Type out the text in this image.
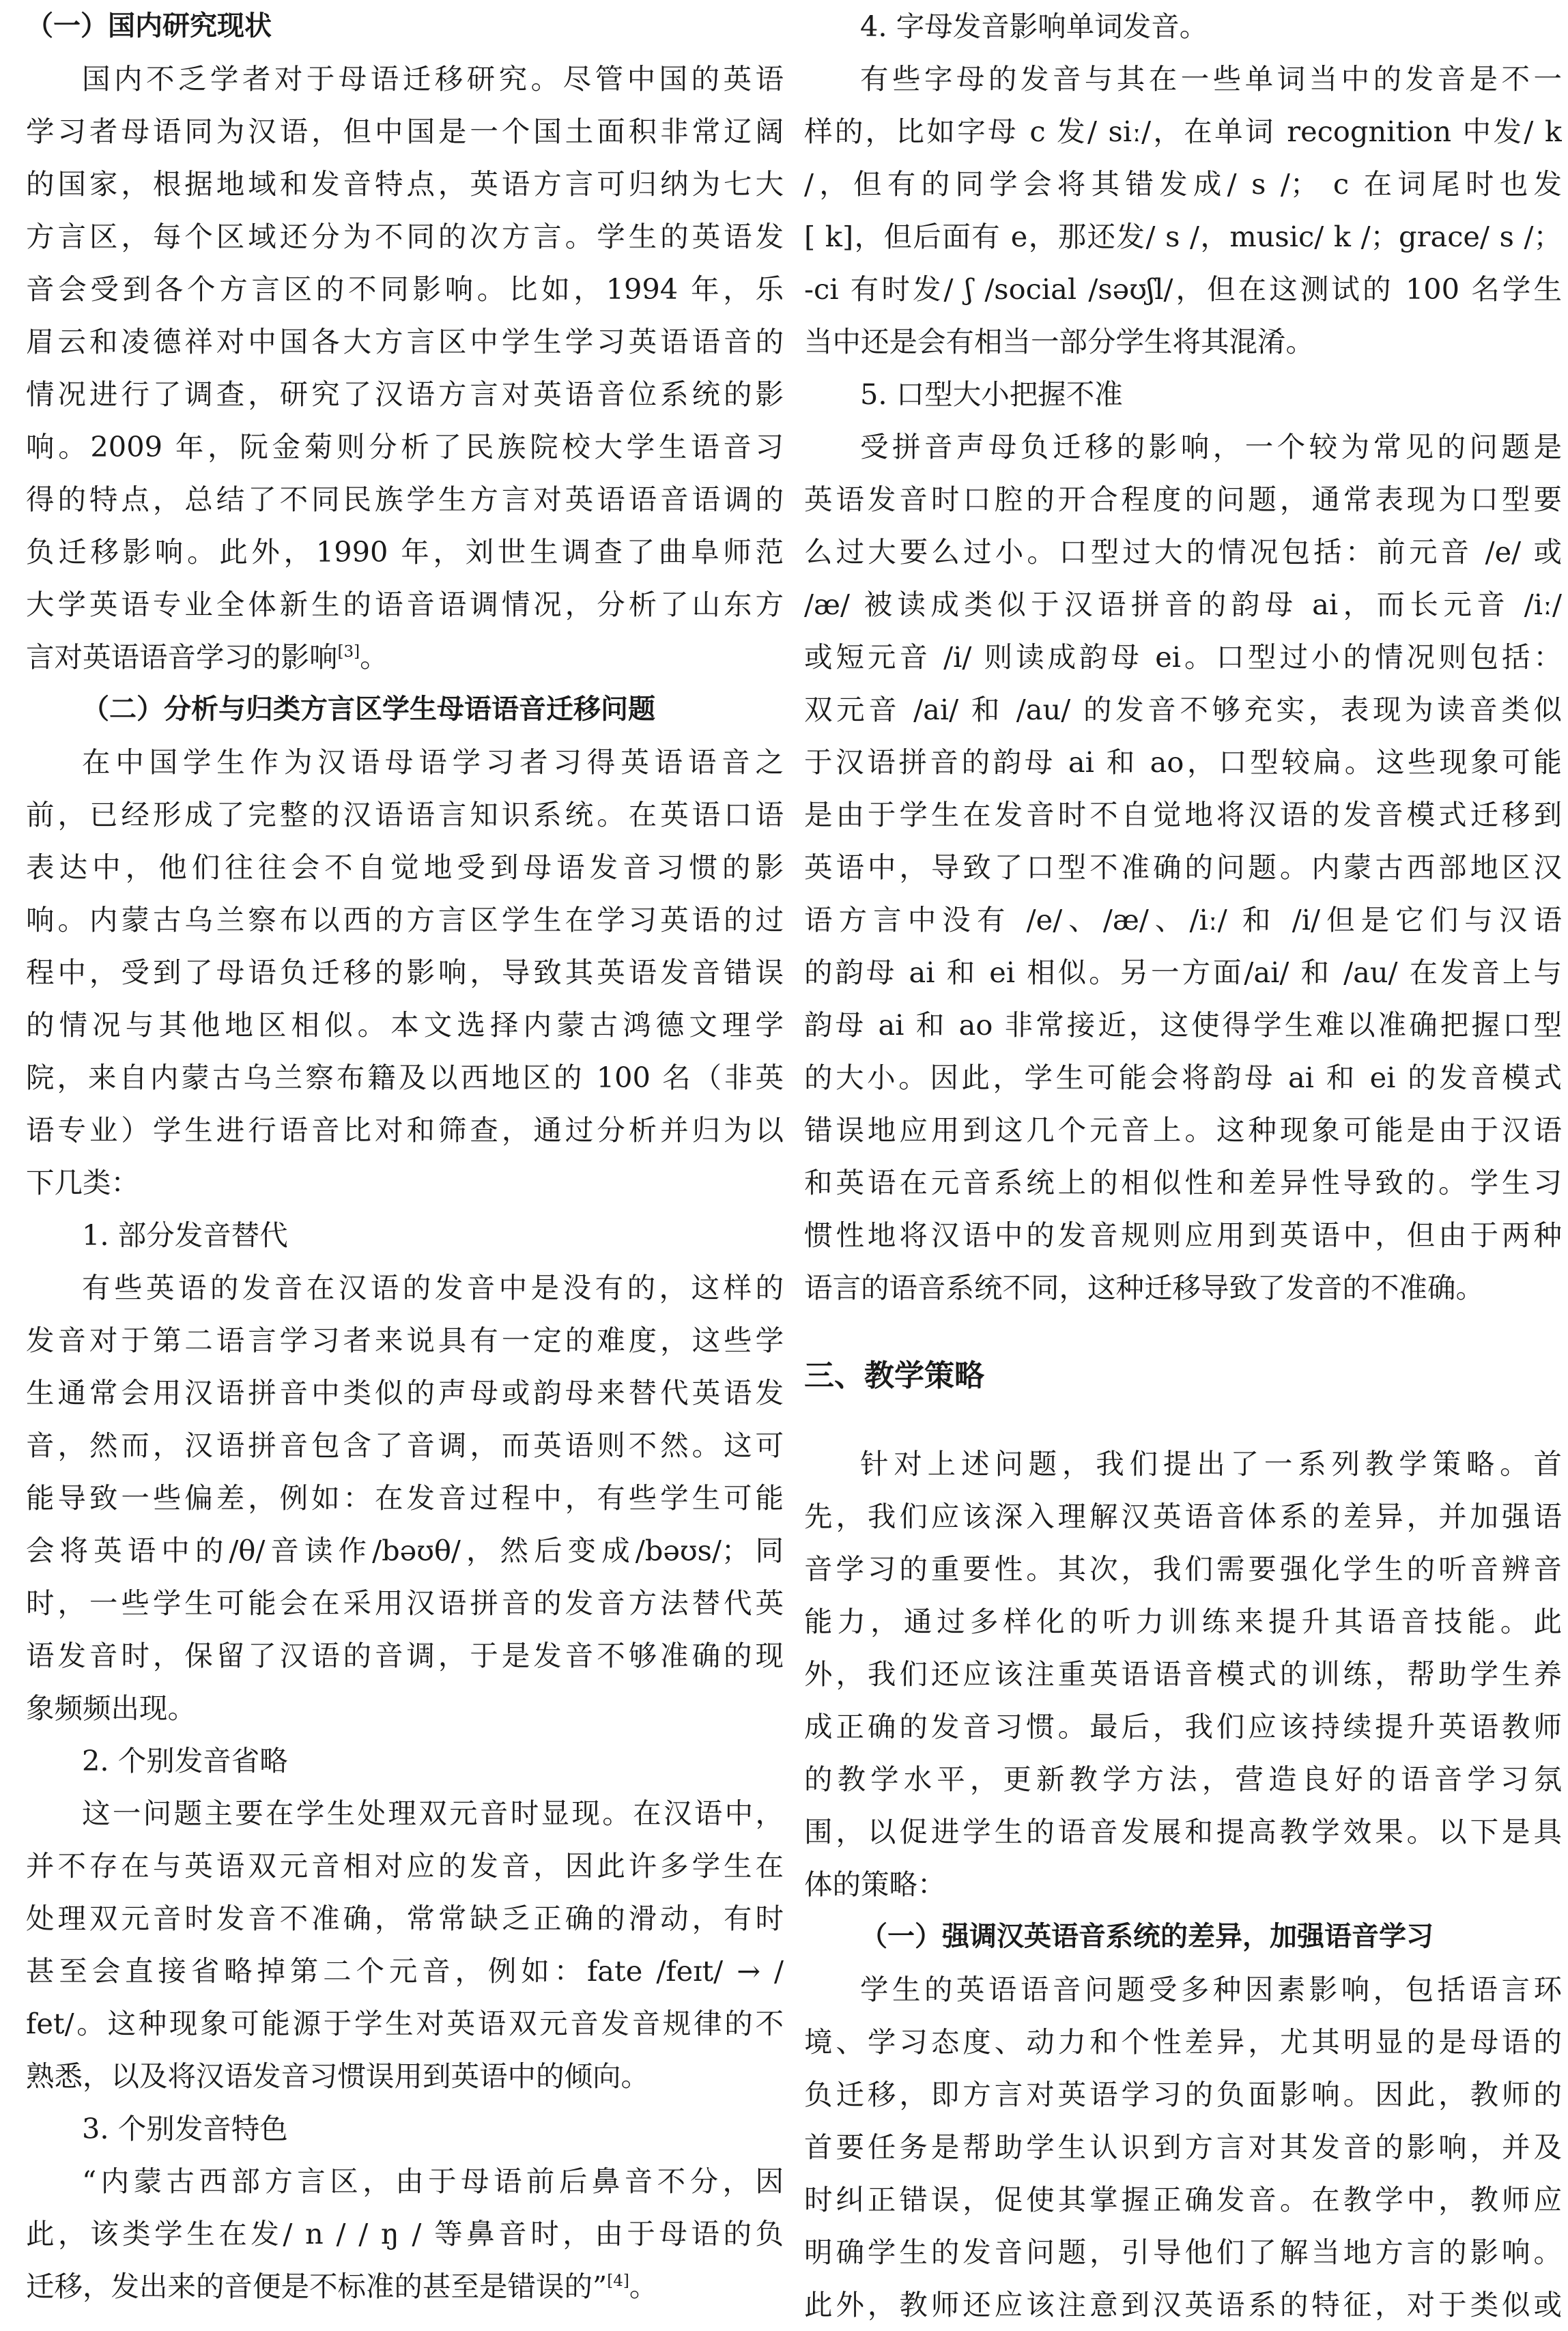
（一）国内研究现状
国内不乏学者对于母语迁移研究。尽管中国的英语
学习者母语同为汉语，但中国是一个国土面积非常辽阔
的国家，根据地域和发音特点，英语方言可归纳为七大
方言区，每个区域还分为不同的次方言。学生的英语发
音会受到各个方言区的不同影响。比如，1994 年，乐
眉云和凌德祥对中国各大方言区中学生学习英语语音的
情况进行了调查，研究了汉语方言对英语音位系统的影
响。2009 年，阮金菊则分析了民族院校大学生语音习
得的特点，总结了不同民族学生方言对英语语音语调的
负迁移影响。此外，1990 年，刘世生调查了曲阜师范
大学英语专业全体新生的语音语调情况，分析了山东方
言对英语语音学习的影响[3]。
（二）分析与归类方言区学生母语语音迁移问题
在中国学生作为汉语母语学习者习得英语语音之
前，已经形成了完整的汉语语言知识系统。在英语口语
表达中，他们往往会不自觉地受到母语发音习惯的影
响。内蒙古乌兰察布以西的方言区学生在学习英语的过
程中，受到了母语负迁移的影响，导致其英语发音错误
的情况与其他地区相似。本文选择内蒙古鸿德文理学
院，来自内蒙古乌兰察布籍及以西地区的 100 名（非英
语专业）学生进行语音比对和筛查，通过分析并归为以
下几类：
1. 部分发音替代
有些英语的发音在汉语的发音中是没有的，这样的
发音对于第二语言学习者来说具有一定的难度，这些学
生通常会用汉语拼音中类似的声母或韵母来替代英语发
音，然而，汉语拼音包含了音调，而英语则不然。这可
能导致一些偏差，例如：在发音过程中，有些学生可能
会将英语中的/θ/音读作/bəʊθ/，然后变成/bəʊs/；同
时，一些学生可能会在采用汉语拼音的发音方法替代英
语发音时，保留了汉语的音调，于是发音不够准确的现
象频频出现。
2. 个别发音省略
这一问题主要在学生处理双元音时显现。在汉语中，
并不存在与英语双元音相对应的发音，因此许多学生在
处理双元音时发音不准确，常常缺乏正确的滑动，有时
甚至会直接省略掉第二个元音，例如：fate /feɪt/ → /
fet/。这种现象可能源于学生对英语双元音发音规律的不
熟悉，以及将汉语发音习惯误用到英语中的倾向。
3. 个别发音特色
“内蒙古西部方言区，由于母语前后鼻音不分，因
此，该类学生在发/ n / / ŋ / 等鼻音时，由于母语的负
迁移，发出来的音便是不标准的甚至是错误的”[4]。
4. 字母发音影响单词发音。
有些字母的发音与其在一些单词当中的发音是不一
样的，比如字母 c 发/ siː/，在单词 recognition 中发/ k
/，但有的同学会将其错发成/ s /； c 在词尾时也发
[ k]，但后面有 e，那还发/ s /，music/ k /；grace/ s /；
-ci 有时发/ ʃ /social /səʊʃl/，但在这测试的 100 名学生
当中还是会有相当一部分学生将其混淆。
5. 口型大小把握不准
受拼音声母负迁移的影响，一个较为常见的问题是
英语发音时口腔的开合程度的问题，通常表现为口型要
么过大要么过小。口型过大的情况包括：前元音 /e/ 或
/æ/ 被读成类似于汉语拼音的韵母 ai，而长元音 /iː/
或短元音 /i/ 则读成韵母 ei。口型过小的情况则包括：
双元音 /ai/ 和 /au/ 的发音不够充实，表现为读音类似
于汉语拼音的韵母 ai 和 ao，口型较扁。这些现象可能
是由于学生在发音时不自觉地将汉语的发音模式迁移到
英语中，导致了口型不准确的问题。内蒙古西部地区汉
语方言中没有 /e/、/æ/、/iː/ 和 /i/但是它们与汉语
的韵母 ai 和 ei 相似。另一方面/ai/ 和 /au/ 在发音上与
韵母 ai 和 ao 非常接近，这使得学生难以准确把握口型
的大小。因此，学生可能会将韵母 ai 和 ei 的发音模式
错误地应用到这几个元音上。这种现象可能是由于汉语
和英语在元音系统上的相似性和差异性导致的。学生习
惯性地将汉语中的发音规则应用到英语中，但由于两种
语言的语音系统不同，这种迁移导致了发音的不准确。
三、教学策略
针对上述问题，我们提出了一系列教学策略。首
先，我们应该深入理解汉英语音体系的差异，并加强语
音学习的重要性。其次，我们需要强化学生的听音辨音
能力，通过多样化的听力训练来提升其语音技能。此
外，我们还应该注重英语语音模式的训练，帮助学生养
成正确的发音习惯。最后，我们应该持续提升英语教师
的教学水平，更新教学方法，营造良好的语音学习氛
围，以促进学生的语音发展和提高教学效果。以下是具
体的策略：
（一）强调汉英语音系统的差异，加强语音学习
学生的英语语音问题受多种因素影响，包括语言环
境、学习态度、动力和个性差异，尤其明显的是母语的
负迁移，即方言对英语学习的负面影响。因此，教师的
首要任务是帮助学生认识到方言对其发音的影响，并及
时纠正错误，促使其掌握正确发音。在教学中，教师应
明确学生的发音问题，引导他们了解当地方言的影响。
此外，教师还应该注意到汉英语系的特征，对于类似或
